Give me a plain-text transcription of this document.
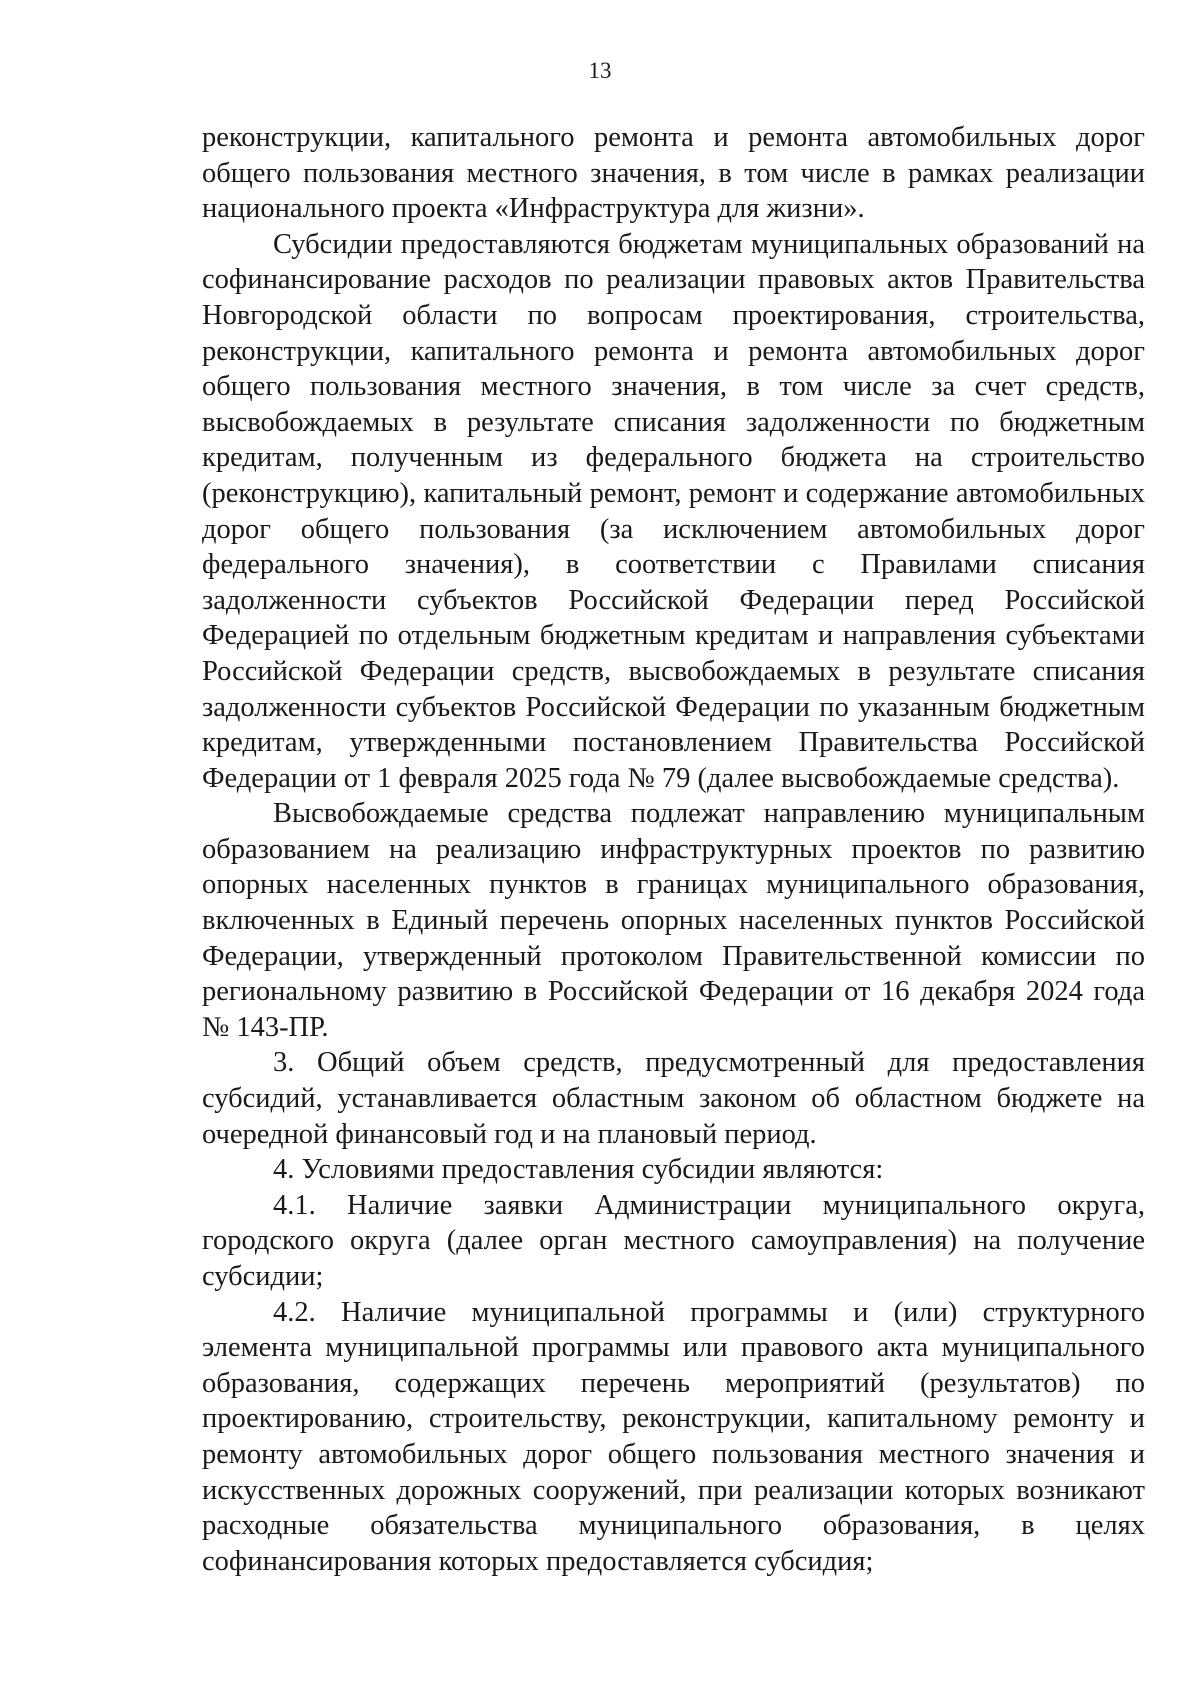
13

реконструкции, капитального ремонта и ремонта автомобильных дорог общего пользования местного значения, в том числе в рамках реализации национального проекта «Инфраструктура для жизни».

Субсидии предоставляются бюджетам муниципальных образований на софинансирование расходов по реализации правовых актов Правительства Новгородской области по вопросам проектирования, строительства, реконструкции, капитального ремонта и ремонта автомобильных дорог общего пользования местного значения, в том числе за счет средств, высвобождаемых в результате списания задолженности по бюджетным кредитам, полученным из федерального бюджета на строительство (реконструкцию), капитальный ремонт, ремонт и содержание автомобильных дорог общего пользования (за исключением автомобильных дорог федерального значения), в соответствии с Правилами списания задолженности субъектов Российской Федерации перед Российской Федерацией по отдельным бюджетным кредитам и направления субъектами Российской Федерации средств, высвобождаемых в результате списания задолженности субъектов Российской Федерации по указанным бюджетным кредитам, утвержденными постановлением Правительства Российской Федерации от 1 февраля 2025 года № 79 (далее высвобождаемые средства).

Высвобождаемые средства подлежат направлению муниципальным образованием на реализацию инфраструктурных проектов по развитию опорных населенных пунктов в границах муниципального образования, включенных в Единый перечень опорных населенных пунктов Российской Федерации, утвержденный протоколом Правительственной комиссии по региональному развитию в Российской Федерации от 16 декабря 2024 года № 143-ПР.

3. Общий объем средств, предусмотренный для предоставления субсидий, устанавливается областным законом об областном бюджете на очередной финансовый год и на плановый период.

4. Условиями предоставления субсидии являются:

4.1. Наличие заявки Администрации муниципального округа, городского округа (далее орган местного самоуправления) на получение субсидии;

4.2. Наличие муниципальной программы и (или) структурного элемента муниципальной программы или правового акта муниципального образования, содержащих перечень мероприятий (результатов) по проектированию, строительству, реконструкции, капитальному ремонту и ремонту автомобильных дорог общего пользования местного значения и искусственных дорожных сооружений, при реализации которых возникают расходные обязательства муниципального образования, в целях софинансирования которых предоставляется субсидия;
